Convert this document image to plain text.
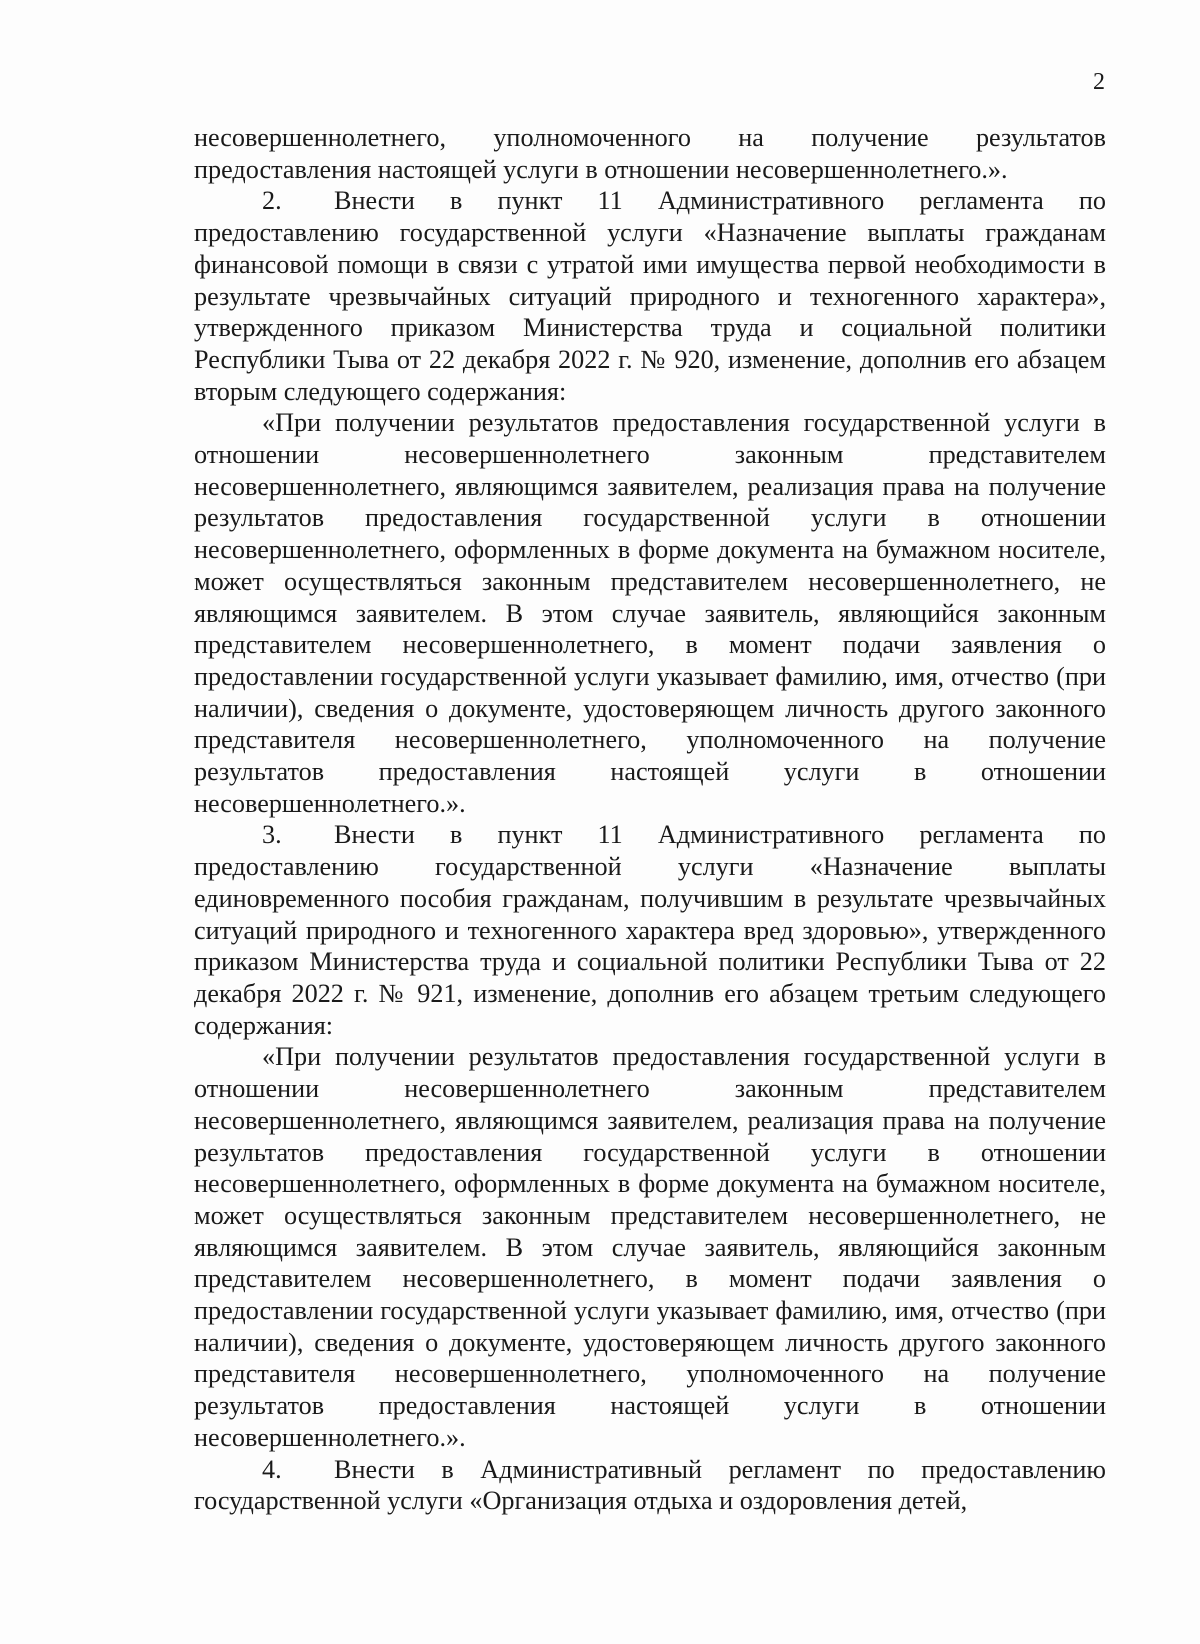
2

несовершеннолетнего, уполномоченного на получение результатов предоставления настоящей услуги в отношении несовершеннолетнего.».

2.  Внести в пункт 11 Административного регламента по предоставлению государственной услуги «Назначение выплаты гражданам финансовой помощи в связи с утратой ими имущества первой необходимости в результате чрезвычайных ситуаций природного и техногенного характера», утвержденного приказом Министерства труда и социальной политики Республики Тыва от 22 декабря 2022 г. № 920, изменение, дополнив его абзацем вторым следующего содержания:

«При получении результатов предоставления государственной услуги в отношении несовершеннолетнего законным представителем несовершеннолетнего, являющимся заявителем, реализация права на получение результатов предоставления государственной услуги в отношении несовершеннолетнего, оформленных в форме документа на бумажном носителе, может осуществляться законным представителем несовершеннолетнего, не являющимся заявителем. В этом случае заявитель, являющийся законным представителем несовершеннолетнего, в момент подачи заявления о предоставлении государственной услуги указывает фамилию, имя, отчество (при наличии), сведения о документе, удостоверяющем личность другого законного представителя несовершеннолетнего, уполномоченного на получение результатов предоставления настоящей услуги в отношении несовершеннолетнего.».

3.  Внести в пункт 11 Административного регламента по предоставлению государственной услуги «Назначение выплаты единовременного пособия гражданам, получившим в результате чрезвычайных ситуаций природного и техногенного характера вред здоровью», утвержденного приказом Министерства труда и социальной политики Республики Тыва от 22 декабря 2022 г. № 921, изменение, дополнив его абзацем третьим следующего содержания:

«При получении результатов предоставления государственной услуги в отношении несовершеннолетнего законным представителем несовершеннолетнего, являющимся заявителем, реализация права на получение результатов предоставления государственной услуги в отношении несовершеннолетнего, оформленных в форме документа на бумажном носителе, может осуществляться законным представителем несовершеннолетнего, не являющимся заявителем. В этом случае заявитель, являющийся законным представителем несовершеннолетнего, в момент подачи заявления о предоставлении государственной услуги указывает фамилию, имя, отчество (при наличии), сведения о документе, удостоверяющем личность другого законного представителя несовершеннолетнего, уполномоченного на получение результатов предоставления настоящей услуги в отношении несовершеннолетнего.».

4.  Внести в Административный регламент по предоставлению государственной услуги «Организация отдыха и оздоровления детей,
